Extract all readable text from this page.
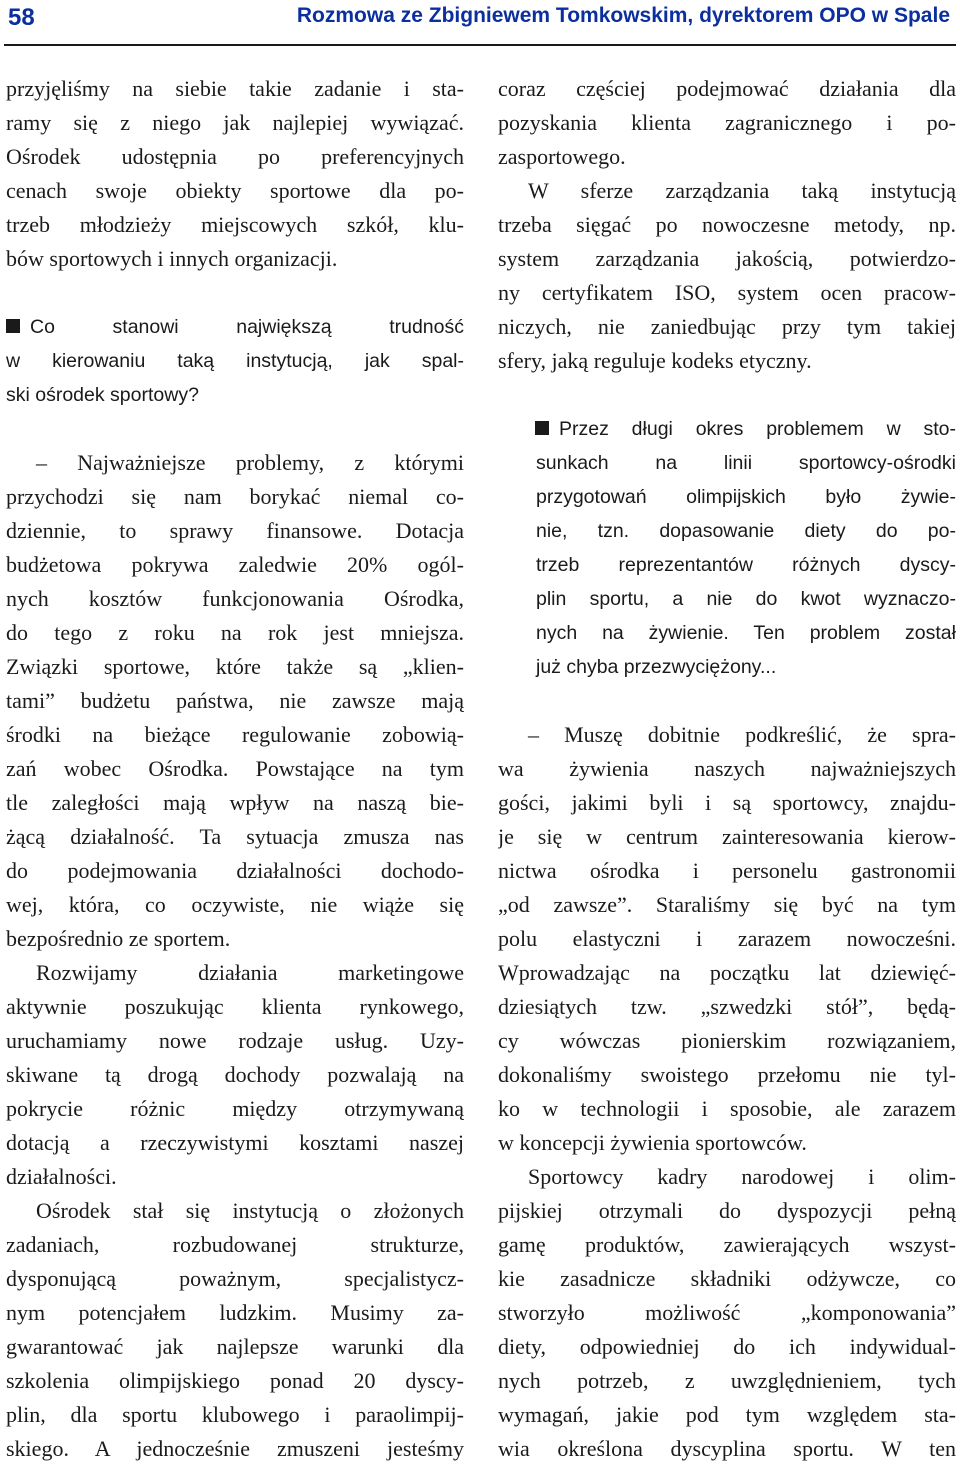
58	Rozmowa ze Zbigniewem Tomkowskim, dyrektorem OPO w Spale
przyjęliśmy na siebie takie zadanie i sta-
ramy się z niego jak najlepiej wywiązać.
Ośrodek udostępnia po preferencyjnych
cenach swoje obiekty sportowe dla po-
trzeb młodzieży miejscowych szkół, klu-
bów sportowych i innych organizacji.
Co stanowi największą trudność
w kierowaniu taką instytucją, jak spal-
ski ośrodek sportowy?
– Najważniejsze problemy, z którymi
przychodzi się nam borykać niemal co-
dziennie, to sprawy finansowe. Dotacja
budżetowa pokrywa zaledwie 20% ogól-
nych kosztów funkcjonowania Ośrodka,
do tego z roku na rok jest mniejsza.
Związki sportowe, które także są „klien-
tami” budżetu państwa, nie zawsze mają
środki na bieżące regulowanie zobowią-
zań wobec Ośrodka. Powstające na tym
tle zaległości mają wpływ na naszą bie-
żącą działalność. Ta sytuacja zmusza nas
do podejmowania działalności dochodo-
wej, która, co oczywiste, nie wiąże się
bezpośrednio ze sportem.
Rozwijamy działania marketingowe
aktywnie poszukując klienta rynkowego,
uruchamiamy nowe rodzaje usług. Uzy-
skiwane tą drogą dochody pozwalają na
pokrycie różnic między otrzymywaną
dotacją a rzeczywistymi kosztami naszej
działalności.
Ośrodek stał się instytucją o złożonych
zadaniach, rozbudowanej strukturze,
dysponującą poważnym, specjalistycz-
nym potencjałem ludzkim. Musimy za-
gwarantować jak najlepsze warunki dla
szkolenia olimpijskiego ponad 20 dyscy-
plin, dla sportu klubowego i paraolimpij-
skiego. A jednocześnie zmuszeni jesteśmy
coraz częściej podejmować działania dla
pozyskania klienta zagranicznego i po-
zasportowego.
W sferze zarządzania taką instytucją
trzeba sięgać po nowoczesne metody, np.
system zarządzania jakością, potwierdzo-
ny certyfikatem ISO, system ocen pracow-
niczych, nie zaniedbując przy tym takiej
sfery, jaką reguluje kodeks etyczny.
Przez długi okres problemem w sto-
sunkach na linii sportowcy-ośrodki
przygotowań olimpijskich było żywie-
nie, tzn. dopasowanie diety do po-
trzeb reprezentantów różnych dyscy-
plin sportu, a nie do kwot wyznaczo-
nych na żywienie. Ten problem został
już chyba przezwyciężony...
– Muszę dobitnie podkreślić, że spra-
wa żywienia naszych najważniejszych
gości, jakimi byli i są sportowcy, znajdu-
je się w centrum zainteresowania kierow-
nictwa ośrodka i personelu gastronomii
„od zawsze”. Staraliśmy się być na tym
polu elastyczni i zarazem nowocześni.
Wprowadzając na początku lat dziewięć-
dziesiątych tzw. „szwedzki stół”, będą-
cy wówczas pionierskim rozwiązaniem,
dokonaliśmy swoistego przełomu nie tyl-
ko w technologii i sposobie, ale zarazem
w koncepcji żywienia sportowców.
Sportowcy kadry narodowej i olim-
pijskiej otrzymali do dyspozycji pełną
gamę produktów, zawierających wszyst-
kie zasadnicze składniki odżywcze, co
stworzyło możliwość „komponowania”
diety, odpowiedniej do ich indywidual-
nych potrzeb, z uwzględnieniem, tych
wymagań, jakie pod tym względem sta-
wia określona dyscyplina sportu. W ten
